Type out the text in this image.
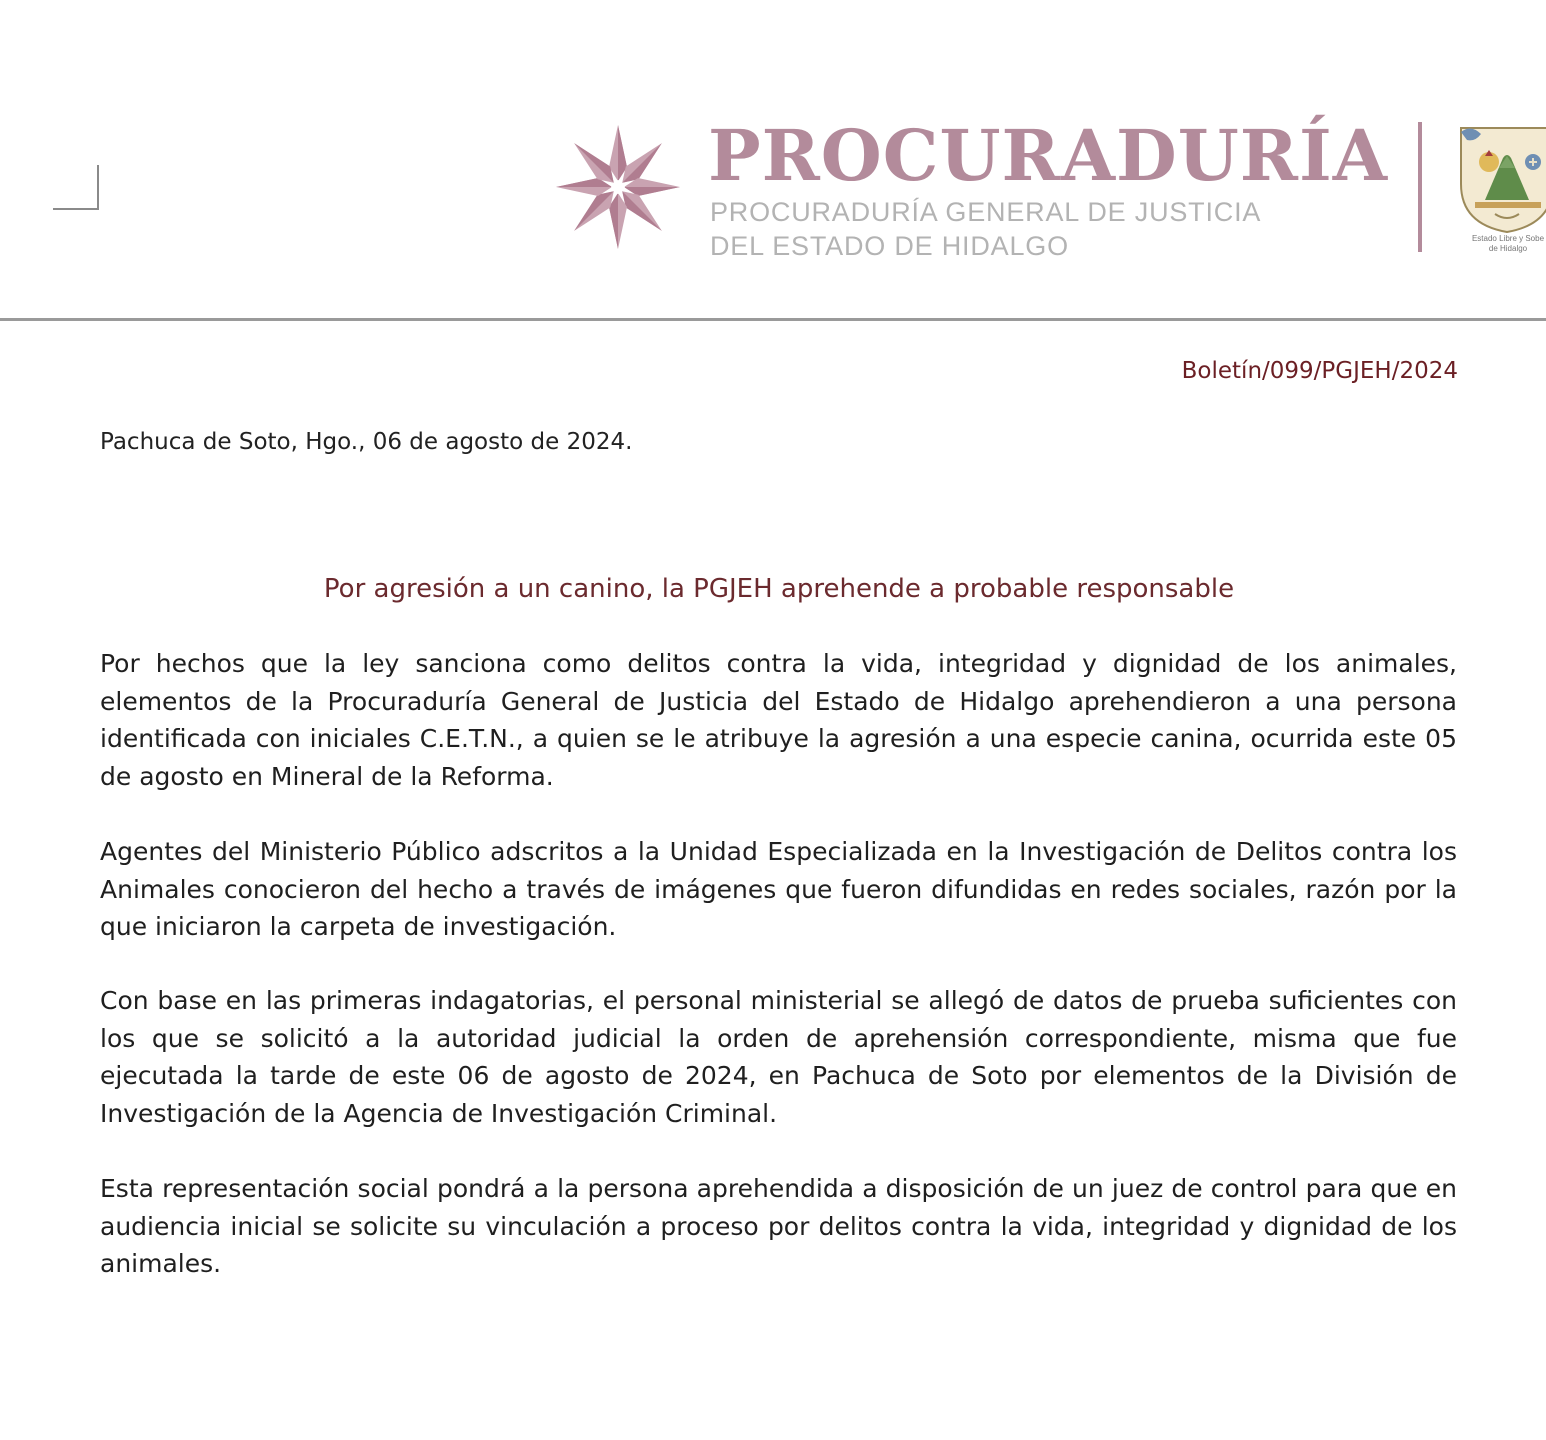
PROCURADURÍA
PROCURADURÍA GENERAL DE JUSTICIA
DEL ESTADO DE HIDALGO	Estado Libre y Sobe
de Hidalgo
Boletín/099/PGJEH/2024
Pachuca de Soto, Hgo., 06 de agosto de 2024.
Por agresión a un canino, la PGJEH aprehende a probable responsable

Por hechos que la ley sanciona como delitos contra la vida, integridad y dignidad de los animales, elementos de la Procuraduría General de Justicia del Estado de Hidalgo aprehendieron a una persona identificada con iniciales C.E.T.N., a quien se le atribuye la agresión a una especie canina, ocurrida este 05 de agosto en Mineral de la Reforma.

Agentes del Ministerio Público adscritos a la Unidad Especializada en la Investigación de Delitos contra los Animales conocieron del hecho a través de imágenes que fueron difundidas en redes sociales, razón por la que iniciaron la carpeta de investigación.

Con base en las primeras indagatorias, el personal ministerial se allegó de datos de prueba suficientes con los que se solicitó a la autoridad judicial la orden de aprehensión correspondiente, misma que fue ejecutada la tarde de este 06 de agosto de 2024, en Pachuca de Soto por elementos de la División de Investigación de la Agencia de Investigación Criminal.

Esta representación social pondrá a la persona aprehendida a disposición de un juez de control para que en audiencia inicial se solicite su vinculación a proceso por delitos contra la vida, integridad y dignidad de los animales.
